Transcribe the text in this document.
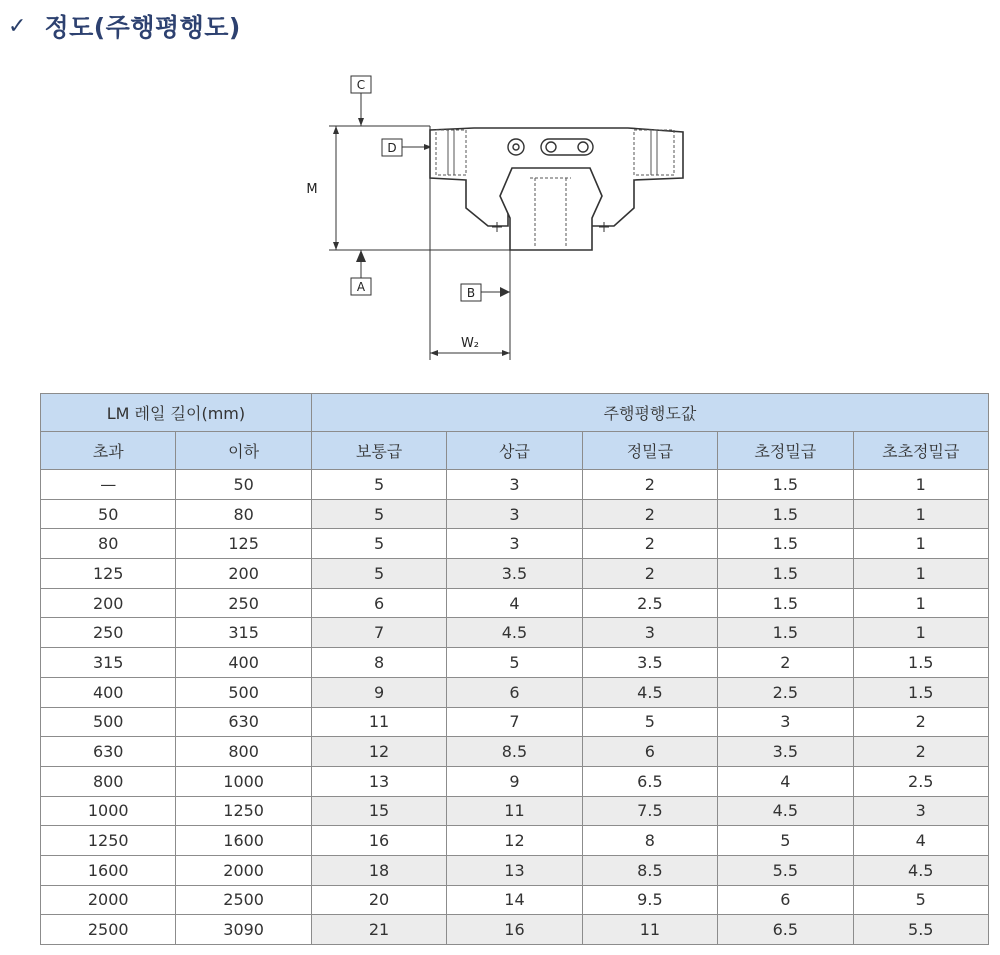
✓ 정도(주행평행도)
C
D
A	B
M
W₂
LM 레일 길이(mm)		주행평행도값				
초과	이하	보통급	상급	정밀급	초정밀급	초초정밀급
—	50	5	3	2	1.5	1
50	80	5	3	2	1.5	1
80	125	5	3	2	1.5	1
125	200	5	3.5	2	1.5	1
200	250	6	4	2.5	1.5	1
250	315	7	4.5	3	1.5	1
315	400	8	5	3.5	2	1.5
400	500	9	6	4.5	2.5	1.5
500	630	11	7	5	3	2
630	800	12	8.5	6	3.5	2
800	1000	13	9	6.5	4	2.5
1000	1250	15	11	7.5	4.5	3
1250	1600	16	12	8	5	4
1600	2000	18	13	8.5	5.5	4.5
2000	2500	20	14	9.5	6	5
2500	3090	21	16	11	6.5	5.5
